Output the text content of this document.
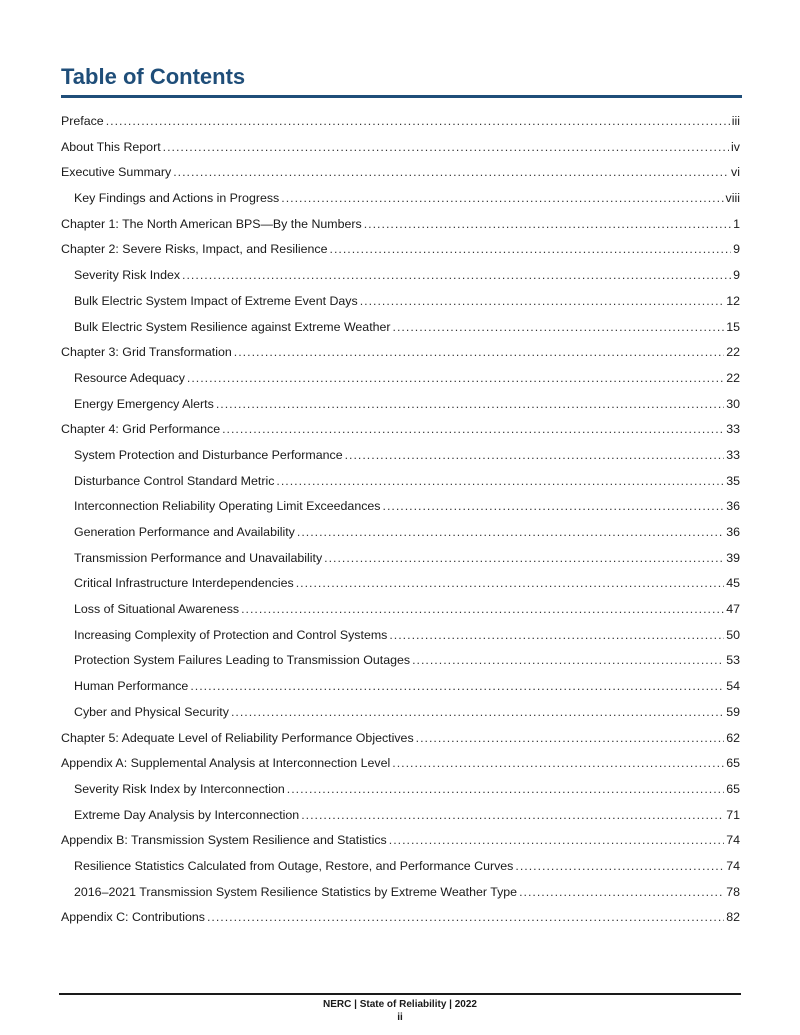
Table of Contents
Preface .....	iii
About This Report .....	iv
Executive Summary .....	vi
Key Findings and Actions in Progress .....	viii
Chapter 1: The North American BPS—By the Numbers .....	1
Chapter 2: Severe Risks, Impact, and Resilience .....	9
Severity Risk Index .....	9
Bulk Electric System Impact of Extreme Event Days .....	12
Bulk Electric System Resilience against Extreme Weather .....	15
Chapter 3: Grid Transformation .....	22
Resource Adequacy .....	22
Energy Emergency Alerts .....	30
Chapter 4: Grid Performance .....	33
System Protection and Disturbance Performance .....	33
Disturbance Control Standard Metric .....	35
Interconnection Reliability Operating Limit Exceedances .....	36
Generation Performance and Availability .....	36
Transmission Performance and Unavailability .....	39
Critical Infrastructure Interdependencies .....	45
Loss of Situational Awareness .....	47
Increasing Complexity of Protection and Control Systems .....	50
Protection System Failures Leading to Transmission Outages .....	53
Human Performance .....	54
Cyber and Physical Security .....	59
Chapter 5: Adequate Level of Reliability Performance Objectives .....	62
Appendix A: Supplemental Analysis at Interconnection Level .....	65
Severity Risk Index by Interconnection .....	65
Extreme Day Analysis by Interconnection .....	71
Appendix B: Transmission System Resilience and Statistics .....	74
Resilience Statistics Calculated from Outage, Restore, and Performance Curves .....	74
2016–2021 Transmission System Resilience Statistics by Extreme Weather Type .....	78
Appendix C: Contributions .....	82
NERC | State of Reliability | 2022
ii
